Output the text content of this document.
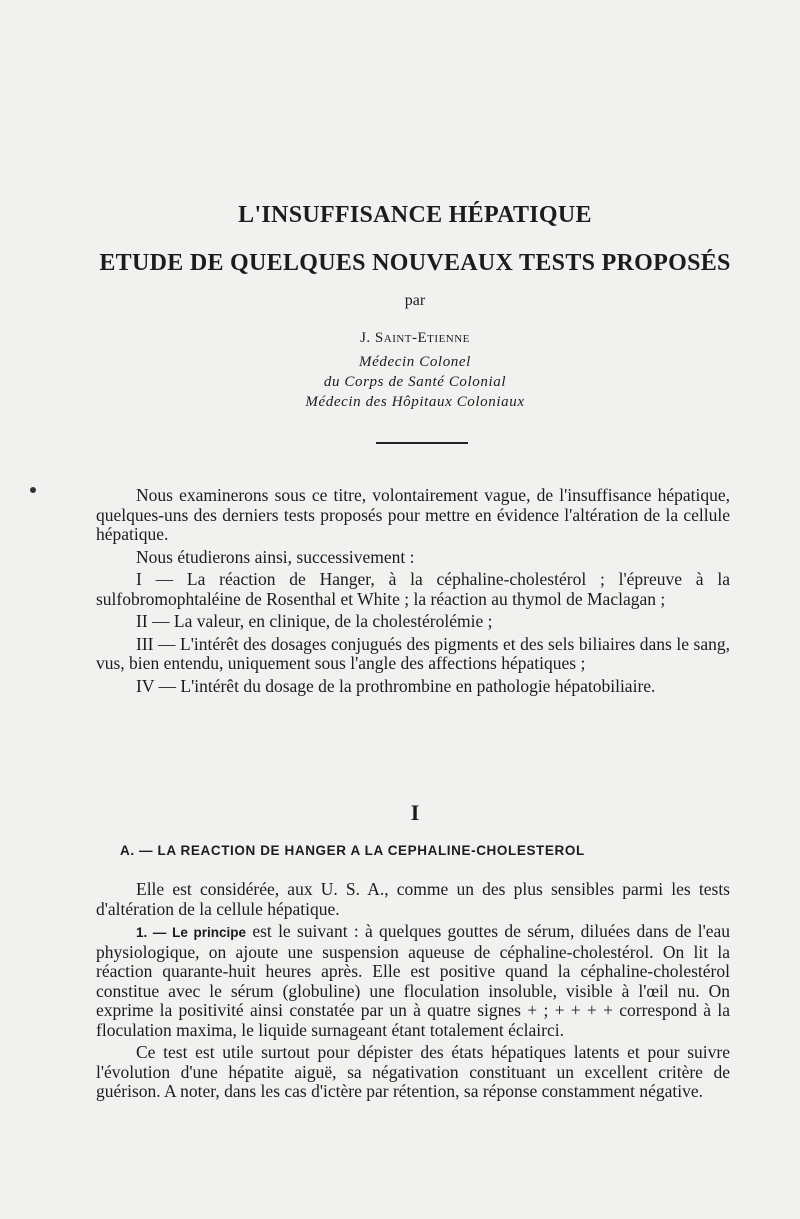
L'INSUFFISANCE HÉPATIQUE
ETUDE DE QUELQUES NOUVEAUX TESTS PROPOSÉS
par
J. Saint-Etienne
Médecin Colonel
du Corps de Santé Colonial
Médecin des Hôpitaux Coloniaux

Nous examinerons sous ce titre, volontairement vague, de l'insuffisance hépatique, quelques-uns des derniers tests proposés pour mettre en évidence l'altération de la cellule hépatique.

Nous étudierons ainsi, successivement :

I — La réaction de Hanger, à la céphaline-cholestérol ; l'épreuve à la sulfobromophtaléine de Rosenthal et White ; la réaction au thymol de Maclagan ;

II — La valeur, en clinique, de la cholestérolémie ;

III — L'intérêt des dosages conjugués des pigments et des sels biliaires dans le sang, vus, bien entendu, uniquement sous l'angle des affections hépatiques ;

IV — L'intérêt du dosage de la prothrombine en pathologie hépatobiliaire.

I
A. — LA REACTION DE HANGER A LA CEPHALINE-CHOLESTEROL

Elle est considérée, aux U. S. A., comme un des plus sensibles parmi les tests d'altération de la cellule hépatique.

1. — Le principe est le suivant : à quelques gouttes de sérum, diluées dans de l'eau physiologique, on ajoute une suspension aqueuse de céphaline-cholestérol. On lit la réaction quarante-huit heures après. Elle est positive quand la céphaline-cholestérol constitue avec le sérum (globuline) une floculation insoluble, visible à l'œil nu. On exprime la positivité ainsi constatée par un à quatre signes + ; + + + + correspond à la floculation maxima, le liquide surnageant étant totalement éclairci.

Ce test est utile surtout pour dépister des états hépatiques latents et pour suivre l'évolution d'une hépatite aiguë, sa négativation constituant un excellent critère de guérison. A noter, dans les cas d'ictère par rétention, sa réponse constamment négative.
